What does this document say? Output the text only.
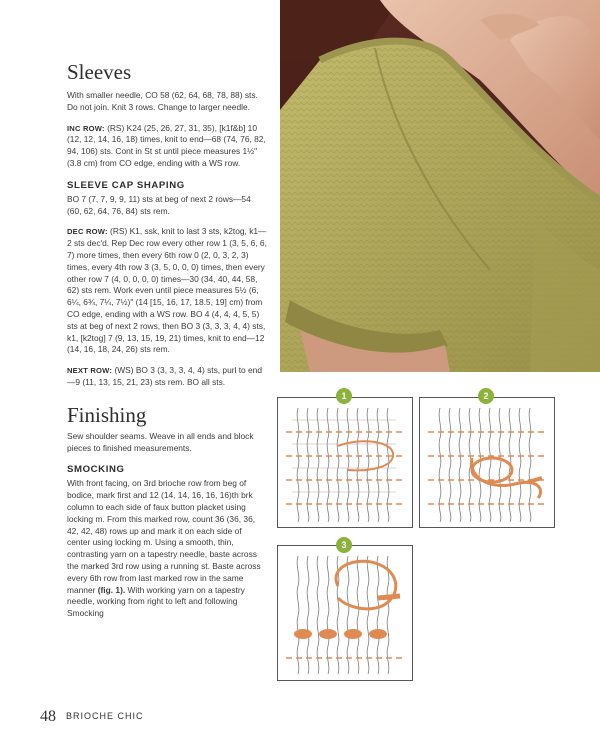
Sleeves

With smaller needle, CO 58 (62, 64, 68, 78, 88) sts. Do not join. Knit 3 rows. Change to larger needle.

INC ROW: (RS) K24 (25, 26, 27, 31, 35), [k1f&b] 10 (12, 12, 14, 16, 18) times, knit to end—68 (74, 76, 82, 94, 106) sts. Cont in St st until piece measures 1½" (3.8 cm) from CO edge, ending with a WS row.

SLEEVE CAP SHAPING

BO 7 (7, 7, 9, 9, 11) sts at beg of next 2 rows—54 (60, 62, 64, 76, 84) sts rem.

DEC ROW: (RS) K1, ssk, knit to last 3 sts, k2tog, k1—2 sts dec'd. Rep Dec row every other row 1 (3, 5, 6, 6, 7) more times, then every 6th row 0 (2, 0, 3, 2, 3) times, every 4th row 3 (3, 5, 0, 0, 0) times, then every other row 7 (4, 0, 0, 0, 0) times—30 (34, 40, 44, 58, 62) sts rem. Work even until piece measures 5½ (6, 6¼, 6¾, 7¼, 7½)" (14 [15, 16, 17, 18.5, 19] cm) from CO edge, ending with a WS row. BO 4 (4, 4, 4, 5, 5) sts at beg of next 2 rows, then BO 3 (3, 3, 3, 4, 4) sts, k1, [k2tog] 7 (9, 13, 15, 19, 21) times, knit to end—12 (14, 16, 18, 24, 26) sts rem.

NEXT ROW: (WS) BO 3 (3, 3, 3, 4, 4) sts, purl to end—9 (11, 13, 15, 21, 23) sts rem. BO all sts.

Finishing

Sew shoulder seams. Weave in all ends and block pieces to finished measurements.

SMOCKING

With front facing, on 3rd brioche row from beg of bodice, mark first and 12 (14, 14, 16, 16, 16)th brk column to each side of faux button placket using locking m. From this marked row, count 36 (36, 36, 42, 42, 48) rows up and mark it on each side of center using locking m. Using a smooth, thin, contrasting yarn on a tapestry needle, baste across the marked 3rd row using a running st. Baste across every 6th row from last marked row in the same manner (fig. 1). With working yarn on a tapestry needle, working from right to left and following Smocking

1	2
3
48 BRIOCHE CHIC
